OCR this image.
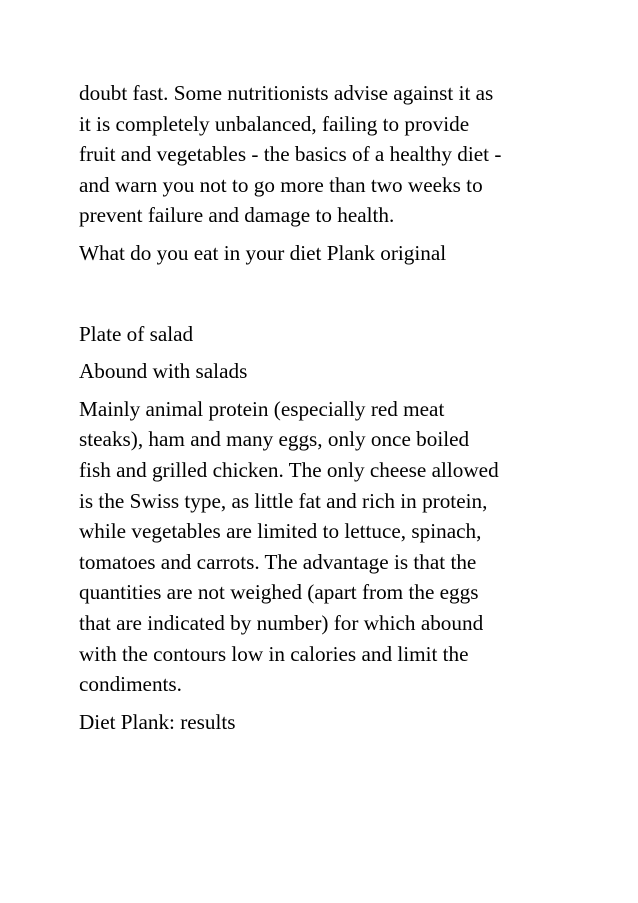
doubt fast. Some nutritionists advise against it as
it is completely unbalanced, failing to provide
fruit and vegetables - the basics of a healthy diet -
and warn you not to go more than two weeks to
prevent failure and damage to health.
What do you eat in your diet Plank original
Plate of salad
Abound with salads
Mainly animal protein (especially red meat
steaks), ham and many eggs, only once boiled
fish and grilled chicken. The only cheese allowed
is the Swiss type, as little fat and rich in protein,
while vegetables are limited to lettuce, spinach,
tomatoes and carrots. The advantage is that the
quantities are not weighed (apart from the eggs
that are indicated by number) for which abound
with the contours low in calories and limit the
condiments.
Diet Plank: results
